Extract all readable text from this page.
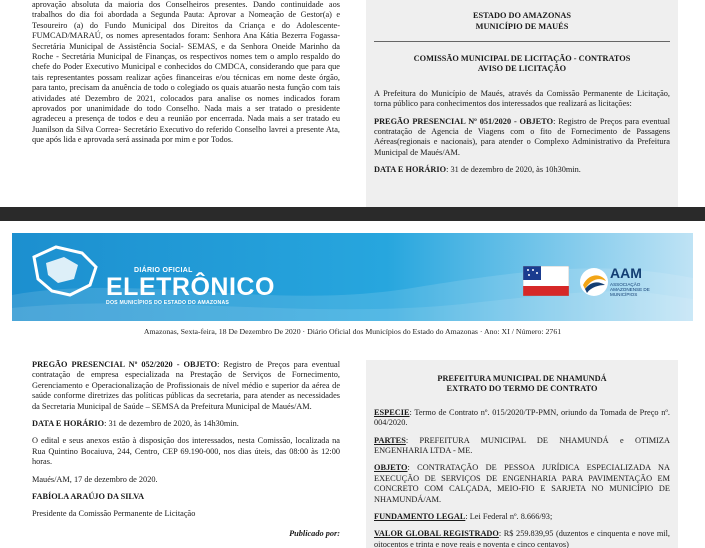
aprovação absoluta da maioria dos Conselheiros presentes. Dando continuidade aos trabalhos do dia foi abordada a Segunda Pauta: Aprovar a Nomeação de Gestor(a) e Tesoureiro (a) do Fundo Municipal dos Direitos da Criança e do Adolescente- FUMCAD/MARAÚ, os nomes apresentados foram: Senhora Ana Kátia Bezerra Fogassa- Secretária Municipal de Assistência Social- SEMAS, e da Senhora Oneide Marinho da Roche - Secretária Municipal de Finanças, os respectivos nomes tem o amplo respaldo do chefe do Poder Executivo Municipal e conhecidos do CMDCA, considerando que para que tais representantes possam realizar ações financeiras e/ou técnicas em nome deste órgão, para tanto, precisam da anuência de todo o colegiado os quais atuarão nesta função com tais atividades até Dezembro de 2021, colocados para analise os nomes indicados foram aprovados por unanimidade do todo Conselho. Nada mais a ser tratado o presidente agradeceu a presença de todos e deu a reunião por encerrada. Nada mais a ser tratado eu Juanilson da Silva Correa- Secretário Executivo do referido Conselho lavrei a presente Ata, que após lida e aprovada será assinada por mim e por Todos.

ESTADO DO AMAZONAS
MUNICÍPIO DE MAUÉS
COMISSÃO MUNICIPAL DE LICITAÇÃO - CONTRATOS
AVISO DE LICITAÇÃO

A Prefeitura do Município de Maués, através da Comissão Permanente de Licitação, torna público para conhecimentos dos interessados que realizará as licitações:

PREGÃO PRESENCIAL Nº 051/2020 - OBJETO: Registro de Preços para eventual contratação de Agencia de Viagens com o fito de Fornecimento de Passagens Aéreas(regionais e nacionais), para atender o Complexo Administrativo da Prefeitura Municipal de Maués/AM.

DATA E HORÁRIO: 31 de dezembro de 2020, às 10h30min.

DIÁRIO OFICIAL
ELETRÔNICO
DOS MUNICÍPIOS DO ESTADO DO AMAZONAS
AAM
ASSOCIAÇÃO
AMAZONENSE DE
MUNICÍPIOS
Amazonas, Sexta-feira, 18 De Dezembro De 2020 · Diário Oficial dos Municípios do Estado do Amazonas · Ano: XI / Número: 2761

PREGÃO PRESENCIAL Nº 052/2020 - OBJETO: Registro de Preços para eventual contratação de empresa especializada na Prestação de Serviços de Fornecimento, Gerenciamento e Operacionalização de Profissionais de nível médio e superior da aérea de saúde conforme diretrizes das políticas públicas da secretaria, para atender as necessidades da Secretaria Municipal de Saúde – SEMSA da Prefeitura Municipal de Maués/AM.

DATA E HORÁRIO: 31 de dezembro de 2020, às 14h30min.

O edital e seus anexos estão à disposição dos interessados, nesta Comissão, localizada na Rua Quintino Bocaiuva, 244, Centro, CEP 69.190-000, nos dias úteis, das 08:00 às 12:00 horas.

Maués/AM, 17 de dezembro de 2020.

FABÍOLA ARAÚJO DA SILVA

Presidente da Comissão Permanente de Licitação

Publicado por:

PREFEITURA MUNICIPAL DE NHAMUNDÁ
EXTRATO DO TERMO DE CONTRATO

ESPECIE: Termo de Contrato nº. 015/2020/TP-PMN, oriundo da Tomada de Preço nº. 004/2020.

PARTES: PREFEITURA MUNICIPAL DE NHAMUNDÁ e OTIMIZA ENGENHARIA LTDA - ME.

OBJETO: CONTRATAÇÃO DE PESSOA JURÍDICA ESPECIALIZADA NA EXECUÇÃO DE SERVIÇOS DE ENGENHARIA PARA PAVIMENTAÇÃO EM CONCRETO COM CALÇADA, MEIO-FIO E SARJETA NO MUNICÍPIO DE NHAMUNDÁ/AM.

FUNDAMENTO LEGAL: Lei Federal nº. 8.666/93;

VALOR GLOBAL REGISTRADO: R$ 259.839,95 (duzentos e cinquenta e nove mil, oitocentos e trinta e nove reais e noventa e cinco centavos)
